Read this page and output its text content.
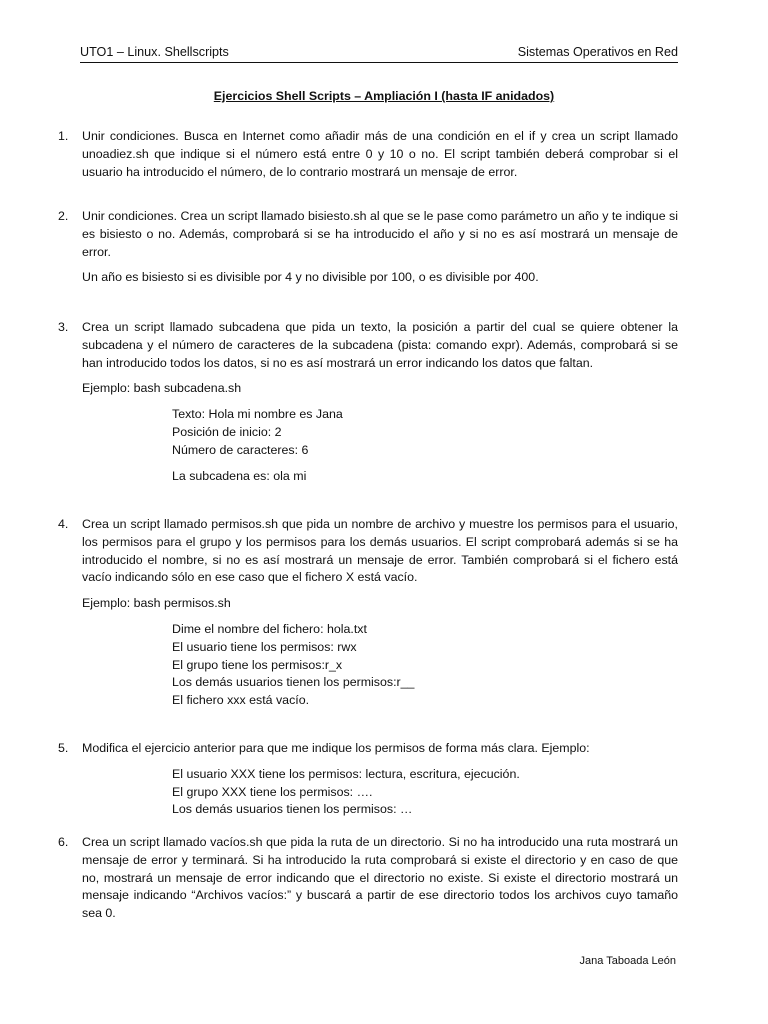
UTO1 – Linux. Shellscripts	Sistemas Operativos en Red
Ejercicios Shell Scripts – Ampliación I (hasta IF anidados)
1. Unir condiciones. Busca en Internet como añadir más de una condición en el if y crea un script llamado unoadiez.sh que indique si el número está entre 0 y 10 o no. El script también deberá comprobar si el usuario ha introducido el número, de lo contrario mostrará un mensaje de error.

2. Unir condiciones. Crea un script llamado bisiesto.sh al que se le pase como parámetro un año y te indique si es bisiesto o no. Además, comprobará si se ha introducido el año y si no es así mostrará un mensaje de error.

Un año es bisiesto si es divisible por 4 y no divisible por 100, o es divisible por 400.

3. Crea un script llamado subcadena que pida un texto, la posición a partir del cual se quiere obtener la subcadena y el número de caracteres de la subcadena (pista: comando expr). Además, comprobará si se han introducido todos los datos, si no es así mostrará un error indicando los datos que faltan.

Ejemplo: bash subcadena.sh

Texto: Hola mi nombre es Jana
Posición de inicio: 2
Número de caracteres: 6
La subcadena es: ola mi
4. Crea un script llamado permisos.sh que pida un nombre de archivo y muestre los permisos para el usuario, los permisos para el grupo y los permisos para los demás usuarios. El script comprobará además si se ha introducido el nombre, si no es así mostrará un mensaje de error. También comprobará si el fichero está vacío indicando sólo en ese caso que el fichero X está vacío.

Ejemplo: bash permisos.sh

Dime el nombre del fichero: hola.txt
El usuario tiene los permisos: rwx
El grupo tiene los permisos:r_x
Los demás usuarios tienen los permisos:r__
El fichero xxx está vacío.
5. Modifica el ejercicio anterior para que me indique los permisos de forma más clara. Ejemplo:

El usuario XXX tiene los permisos: lectura, escritura, ejecución.
El grupo XXX tiene los permisos: ….
Los demás usuarios tienen los permisos: …
6. Crea un script llamado vacíos.sh que pida la ruta de un directorio. Si no ha introducido una ruta mostrará un mensaje de error y terminará. Si ha introducido la ruta comprobará si existe el directorio y en caso de que no, mostrará un mensaje de error indicando que el directorio no existe. Si existe el directorio mostrará un mensaje indicando “Archivos vacíos:” y buscará a partir de ese directorio todos los archivos cuyo tamaño sea 0.

Jana Taboada León
